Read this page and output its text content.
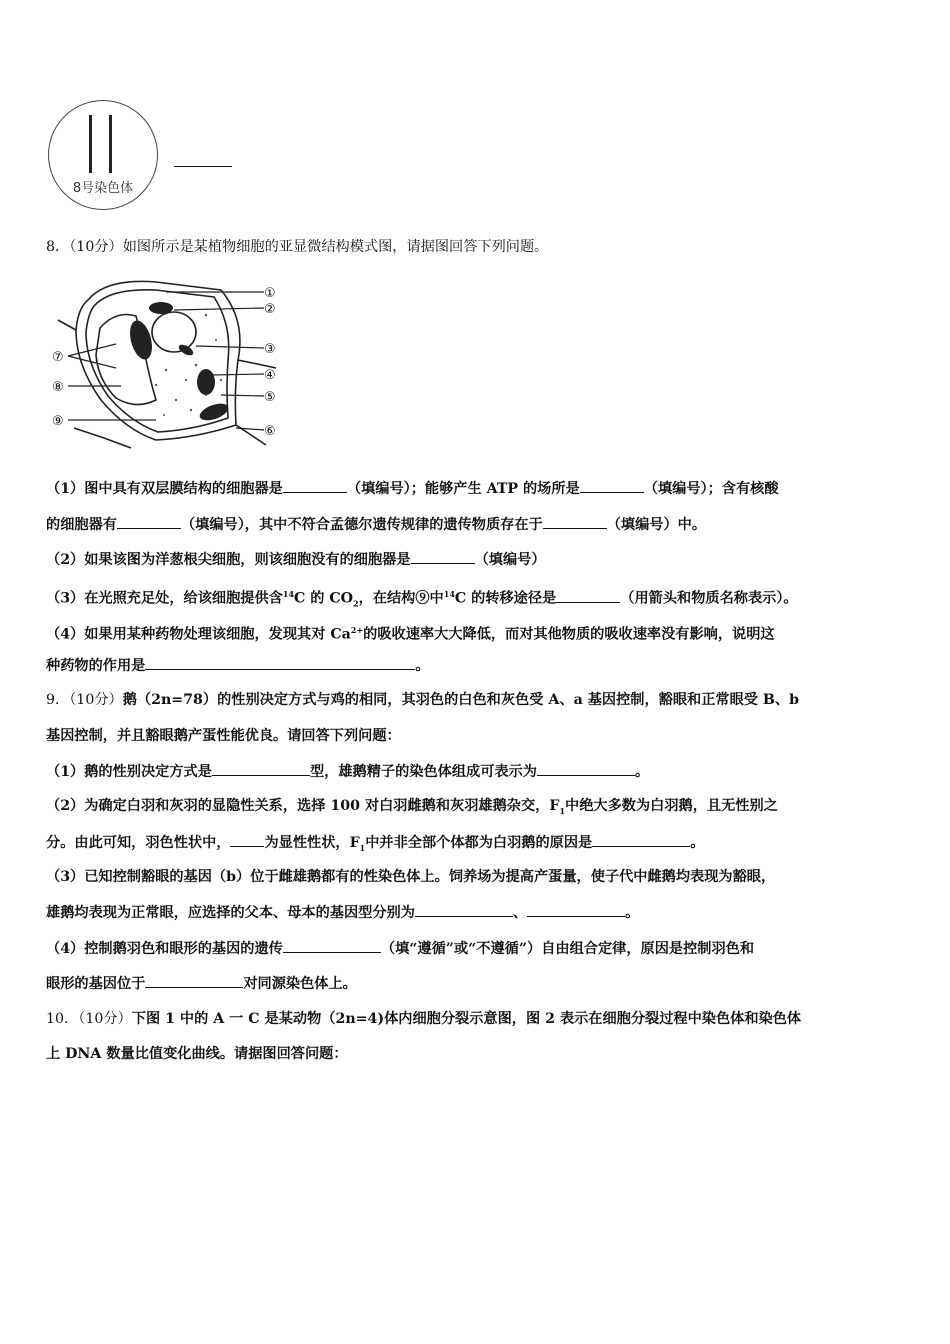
8号染色体
8．（10分）如图所示是某植物细胞的亚显微结构模式图，请据图回答下列问题。
①
②
③
④
⑤
⑥
⑦
⑧
⑨
（1）图中具有双层膜结构的细胞器是	（填编号）；能够产生 ATP 的场所是	（填编号）；含有核酸
的细胞器有	（填编号），其中不符合孟德尔遗传规律的遗传物质存在于	（填编号）中。
（2）如果该图为洋葱根尖细胞，则该细胞没有的细胞器是	（填编号）
（3）在光照充足处，给该细胞提供含$^{14}$C 的 $CO_2$，在结构⑨中$^{14}$C 的转移途径是	（用箭头和物质名称表示）。
（4）如果用某种药物处理该细胞，发现其对 $Ca^{2+}$的吸收速率大大降低，而对其他物质的吸收速率没有影响，说明这
种药物的作用是	。
9．（10分）鹅（2n=78）的性别决定方式与鸡的相同，其羽色的白色和灰色受 A、a 基因控制，豁眼和正常眼受 B、b
基因控制，并且豁眼鹅产蛋性能优良。请回答下列问题：
（1）鹅的性别决定方式是	型，雄鹅精子的染色体组成可表示为	。
（2）为确定白羽和灰羽的显隐性关系，选择 100 对白羽雌鹅和灰羽雄鹅杂交，$F_1$中绝大多数为白羽鹅，且无性别之
分。由此可知，羽色性状中， 为显性性状，$F_1$中并非全部个体都为白羽鹅的原因是	。
（3）已知控制豁眼的基因（b）位于雌雄鹅都有的性染色体上。饲养场为提高产蛋量，使子代中雌鹅均表现为豁眼，
雄鹅均表现为正常眼，应选择的父本、母本的基因型分别为	、	。
（4）控制鹅羽色和眼形的基因的遗传	（填“遵循”或“不遵循”）自由组合定律，原因是控制羽色和
眼形的基因位于	对同源染色体上。
10．（10分）下图 1 中的 A 一 C 是某动物（2n=4)体内细胞分裂示意图，图 2 表示在细胞分裂过程中染色体和染色体
上 DNA 数量比值变化曲线。请据图回答问题：
